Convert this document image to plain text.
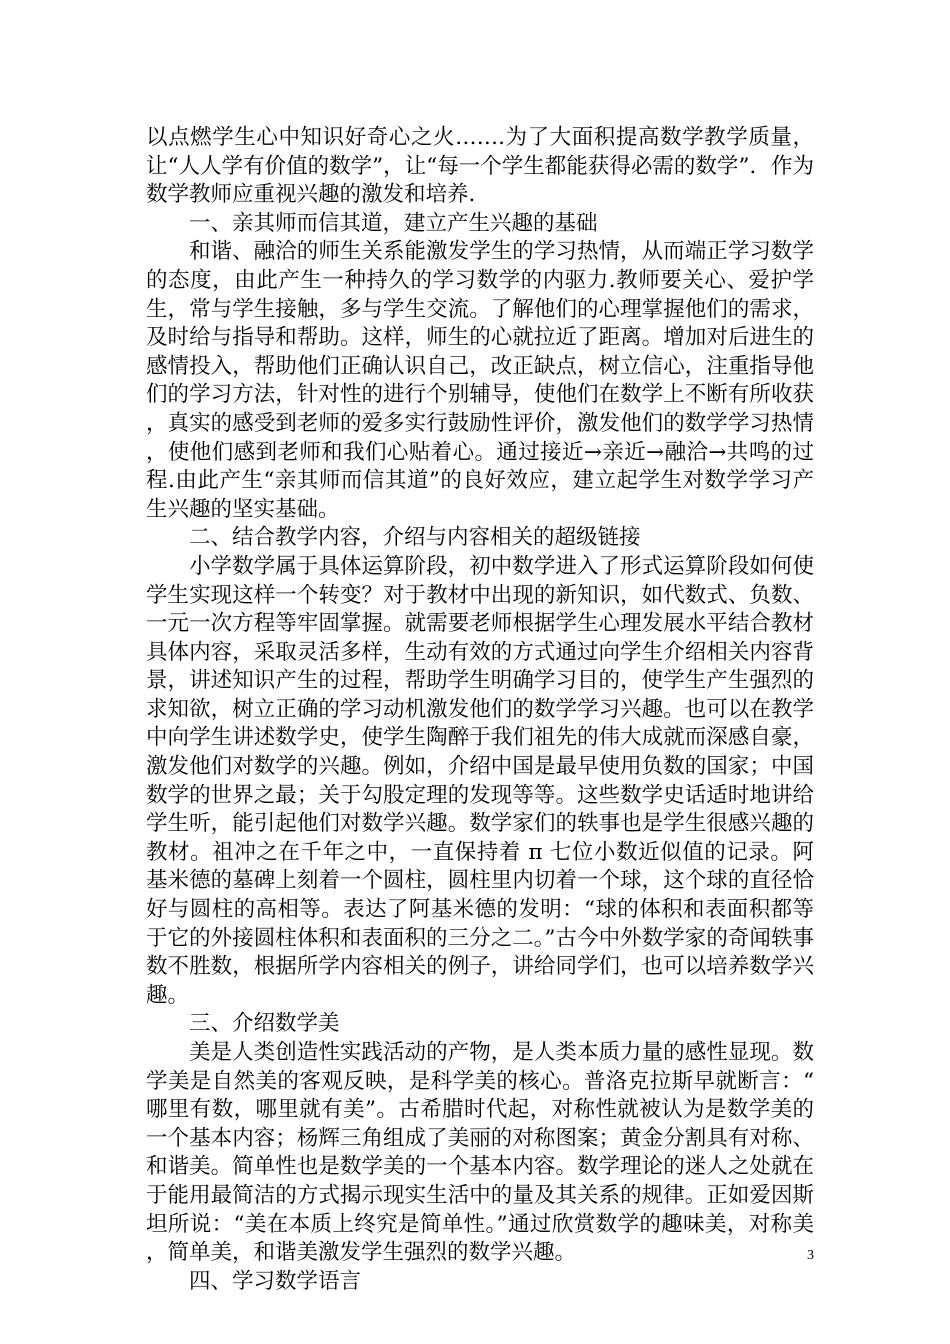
以点燃学生心中知识好奇心之火…….为了大面积提高数学教学质量，让“人人学有价值的数学”，让“每一个学生都能获得必需的数学”．作为数学教师应重视兴趣的激发和培养.

一、亲其师而信其道，建立产生兴趣的基础

和谐、融洽的师生关系能激发学生的学习热情，从而端正学习数学的态度，由此产生一种持久的学习数学的内驱力.教师要关心、爱护学生，常与学生接触，多与学生交流。了解他们的心理掌握他们的需求，及时给与指导和帮助。这样，师生的心就拉近了距离。增加对后进生的感情投入，帮助他们正确认识自己，改正缺点，树立信心，注重指导他们的学习方法，针对性的进行个别辅导，使他们在数学上不断有所收获，真实的感受到老师的爱多实行鼓励性评价，激发他们的数学学习热情，使他们感到老师和我们心贴着心。通过接近→亲近→融洽→共鸣的过程.由此产生“亲其师而信其道”的良好效应，建立起学生对数学学习产生兴趣的坚实基础。

二、结合教学内容，介绍与内容相关的超级链接

小学数学属于具体运算阶段，初中数学进入了形式运算阶段如何使学生实现这样一个转变？对于教材中出现的新知识，如代数式、负数、一元一次方程等牢固掌握。就需要老师根据学生心理发展水平结合教材具体内容，采取灵活多样，生动有效的方式通过向学生介绍相关内容背景，讲述知识产生的过程，帮助学生明确学习目的，使学生产生强烈的求知欲，树立正确的学习动机激发他们的数学学习兴趣。也可以在教学中向学生讲述数学史，使学生陶醉于我们祖先的伟大成就而深感自豪，激发他们对数学的兴趣。例如，介绍中国是最早使用负数的国家；中国数学的世界之最；关于勾股定理的发现等等。这些数学史话适时地讲给学生听，能引起他们对数学兴趣。数学家们的轶事也是学生很感兴趣的教材。祖冲之在千年之中，一直保持着 π 七位小数近似值的记录。阿基米德的墓碑上刻着一个圆柱，圆柱里内切着一个球，这个球的直径恰好与圆柱的高相等。表达了阿基米德的发明：“球的体积和表面积都等于它的外接圆柱体积和表面积的三分之二。”古今中外数学家的奇闻轶事数不胜数，根据所学内容相关的例子，讲给同学们，也可以培养数学兴趣。

三、介绍数学美

美是人类创造性实践活动的产物，是人类本质力量的感性显现。数学美是自然美的客观反映，是科学美的核心。普洛克拉斯早就断言：“哪里有数，哪里就有美”。古希腊时代起，对称性就被认为是数学美的一个基本内容；杨辉三角组成了美丽的对称图案；黄金分割具有对称、和谐美。简单性也是数学美的一个基本内容。数学理论的迷人之处就在于能用最简洁的方式揭示现实生活中的量及其关系的规律。正如爱因斯坦所说：“美在本质上终究是简单性。”通过欣赏数学的趣味美，对称美，简单美，和谐美激发学生强烈的数学兴趣。

四、学习数学语言

3
